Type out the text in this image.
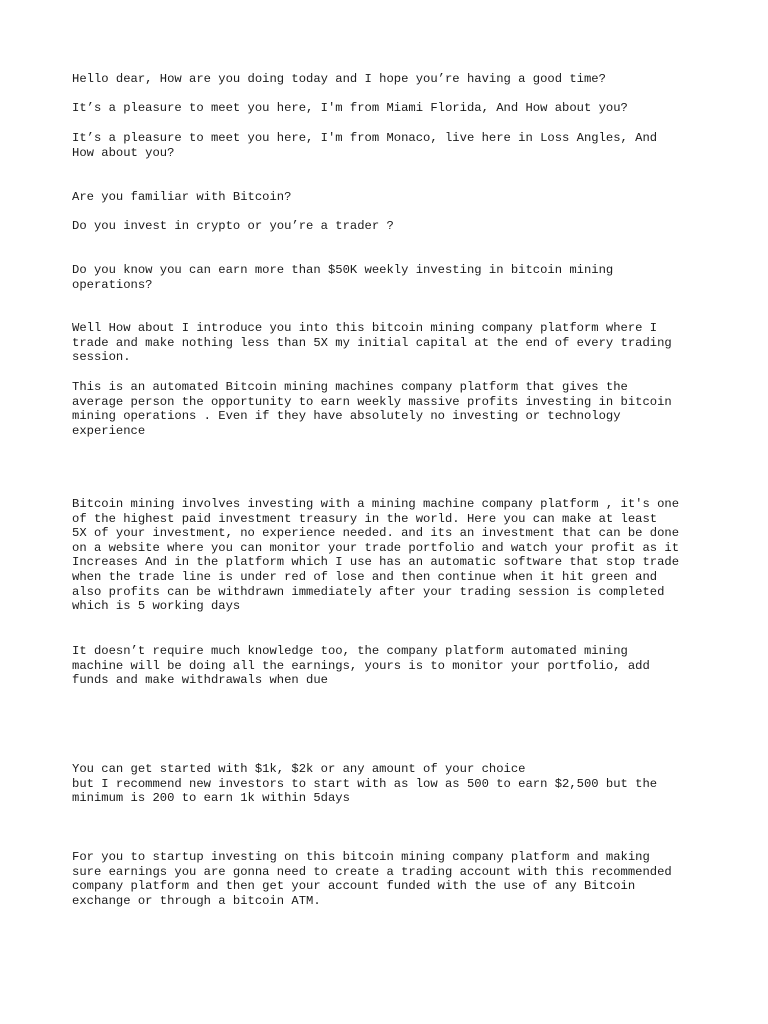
Hello dear, How are you doing today and I hope you’re having a good time?

It’s a pleasure to meet you here, I'm from Miami Florida, And How about you?

It’s a pleasure to meet you here, I'm from Monaco, live here in Loss Angles, And
How about you?

Are you familiar with Bitcoin?

Do you invest in crypto or you’re a trader ?

Do you know you can earn more than $50K weekly investing in bitcoin mining
operations?

Well How about I introduce you into this bitcoin mining company platform where I
trade and make nothing less than 5X my initial capital at the end of every trading
session.

This is an automated Bitcoin mining machines company platform that gives the
average person the opportunity to earn weekly massive profits investing in bitcoin
mining operations . Even if they have absolutely no investing or technology
experience

Bitcoin mining involves investing with a mining machine company platform , it's one
of the highest paid investment treasury in the world. Here you can make at least
5X of your investment, no experience needed. and its an investment that can be done
on a website where you can monitor your trade portfolio and watch your profit as it
Increases And in the platform which I use has an automatic software that stop trade
when the trade line is under red of lose and then continue when it hit green and
also profits can be withdrawn immediately after your trading session is completed
which is 5 working days

It doesn’t require much knowledge too, the company platform automated mining
machine will be doing all the earnings, yours is to monitor your portfolio, add
funds and make withdrawals when due

You can get started with $1k, $2k or any amount of your choice
but I recommend new investors to start with as low as 500 to earn $2,500 but the
minimum is 200 to earn 1k within 5days

For you to startup investing on this bitcoin mining company platform and making
sure earnings you are gonna need to create a trading account with this recommended
company platform and then get your account funded with the use of any Bitcoin
exchange or through a bitcoin ATM.
